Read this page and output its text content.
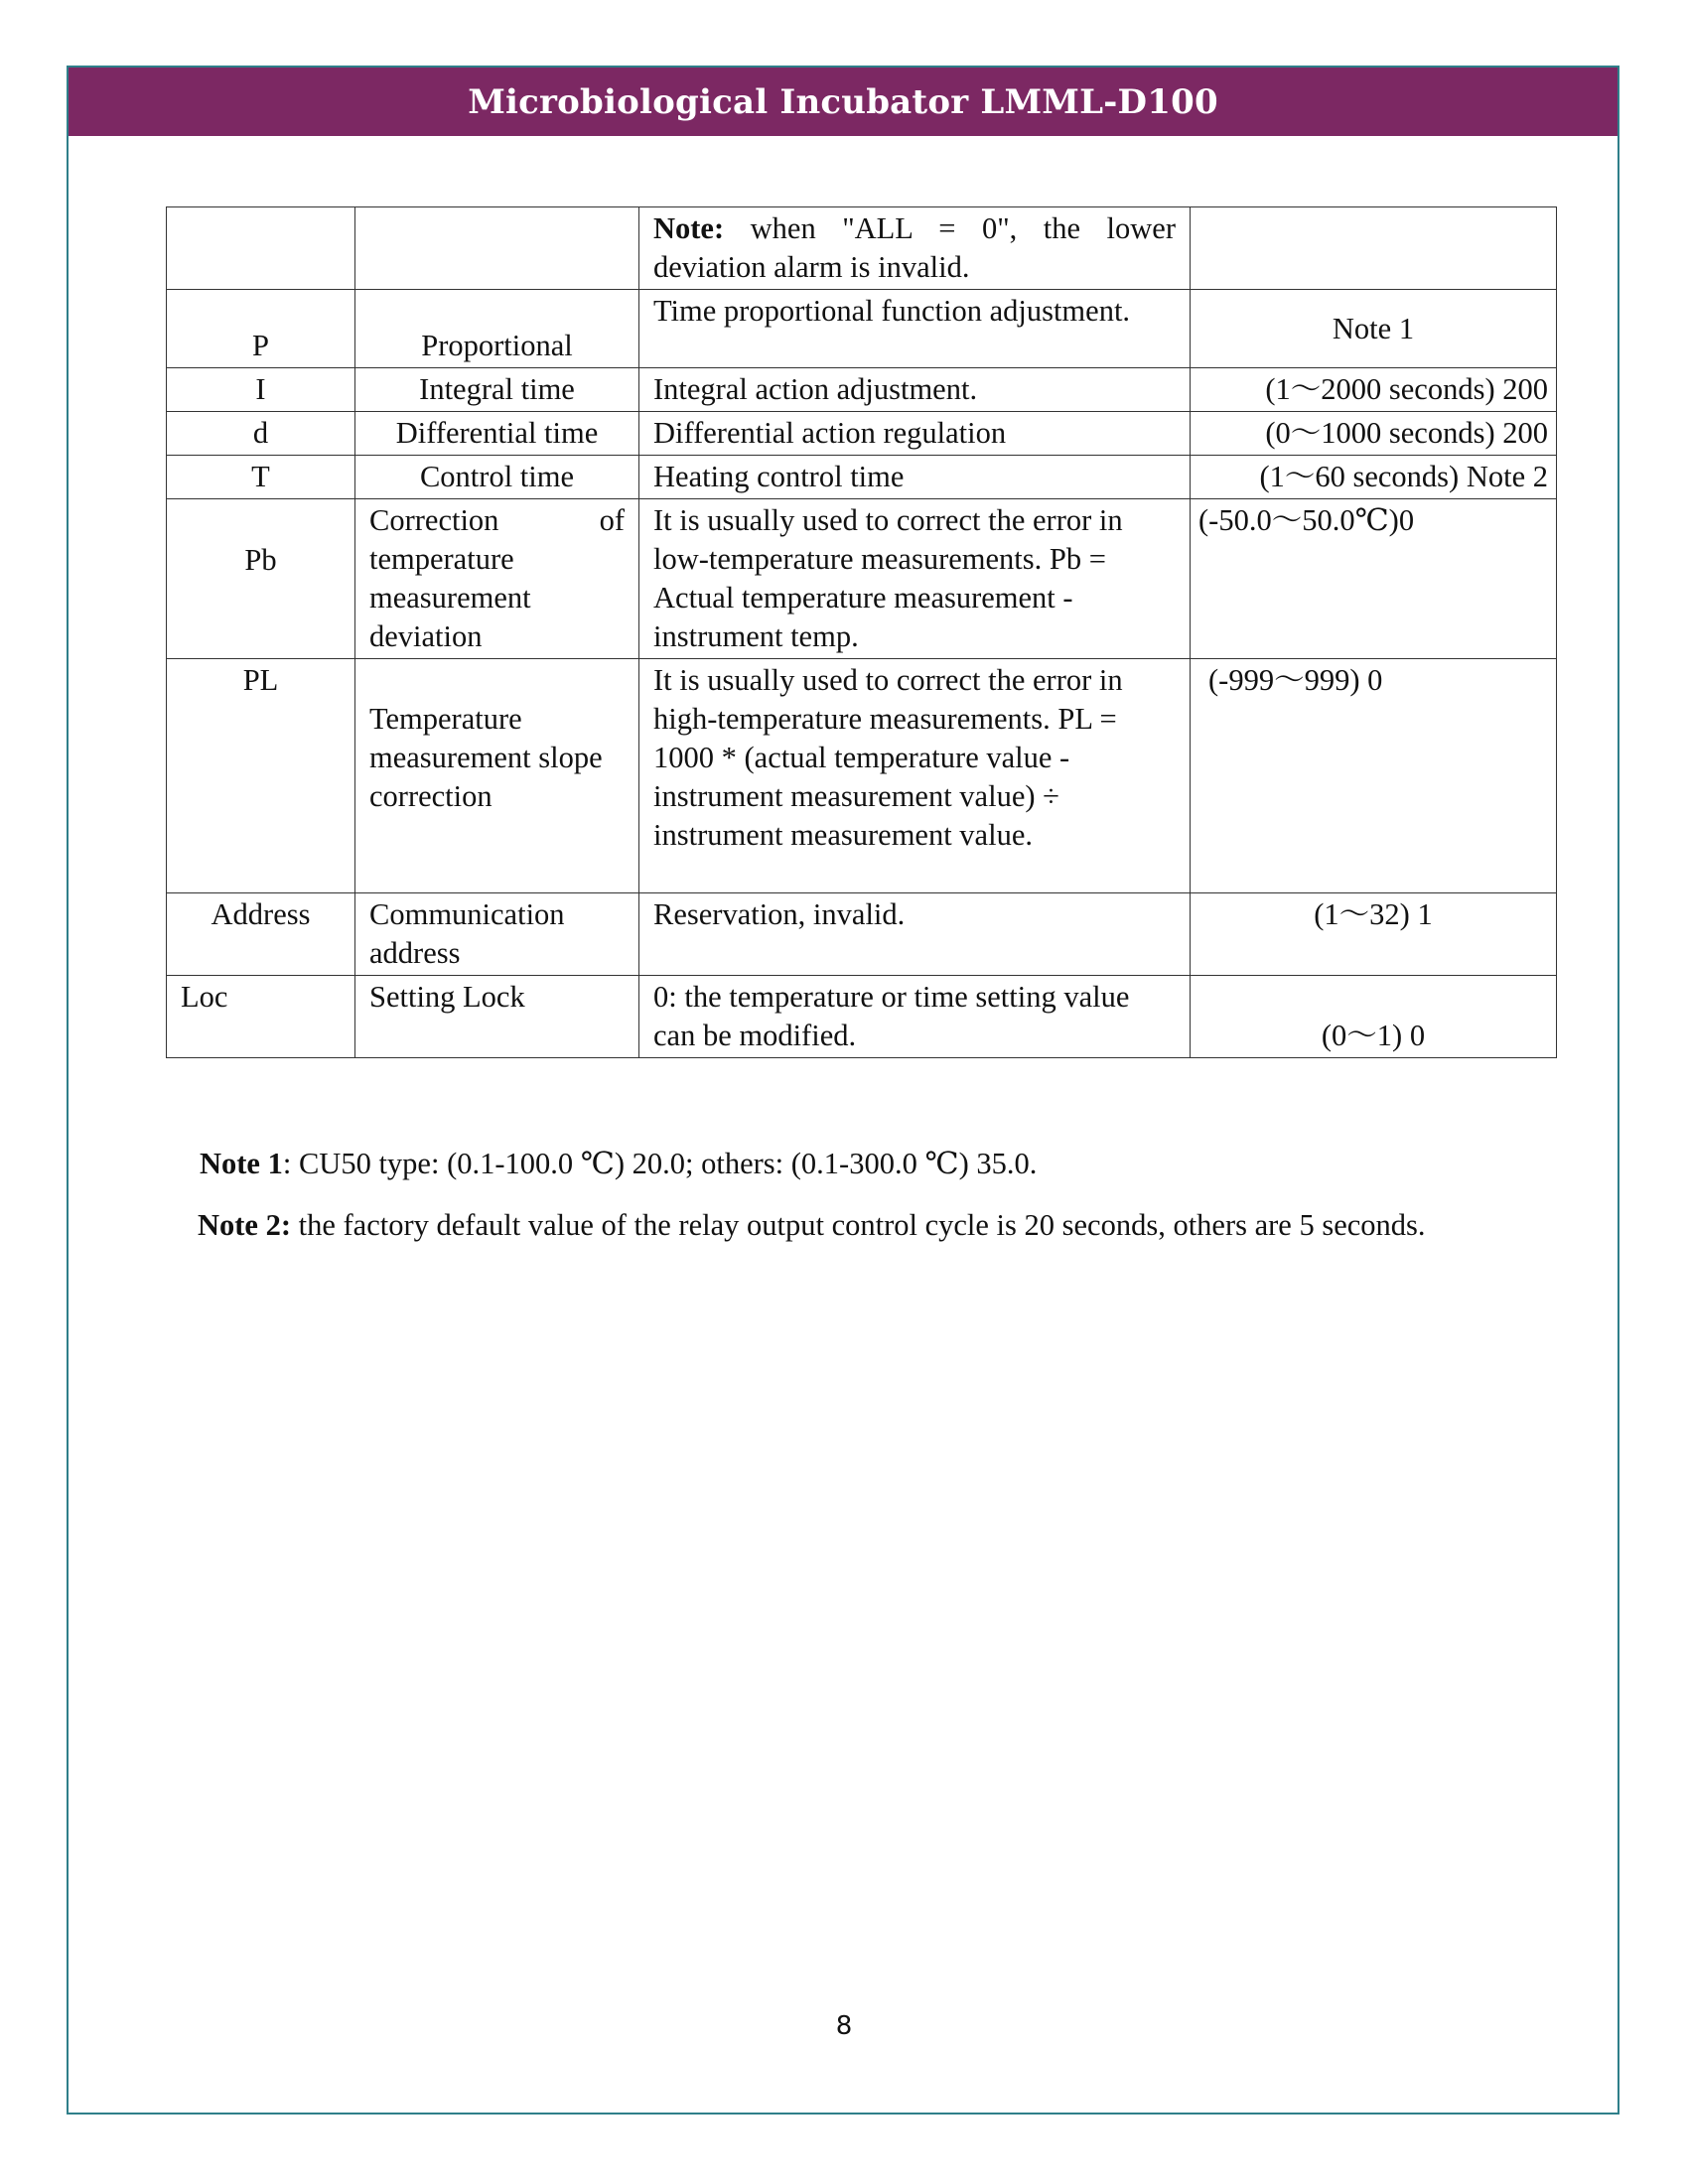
Microbiological Incubator LMML-D100
		Note: when "ALL = 0", the lower deviation alarm is invalid.	
P	Proportional	Time proportional function adjustment.	Note 1
I	Integral time	Integral action adjustment.	(1～2000 seconds) 200
d	Differential time	Differential action regulation	(0～1000 seconds) 200
T	Control time	Heating control time	(1～60 seconds) Note 2
Pb	Correction of temperature measurement deviation	It is usually used to correct the error in low-temperature measurements. Pb = Actual temperature measurement - instrument temp.	(-50.0～50.0℃)0
PL	Temperature measurement slope correction	It is usually used to correct the error in high-temperature measurements. PL = 1000 * (actual temperature value - instrument measurement value) ÷ instrument measurement value.	(-999～999) 0
Address	Communication address	Reservation, invalid.	(1～32) 1
Loc	Setting Lock	0: the temperature or time setting value can be modified.	(0～1) 0

Note 1: CU50 type: (0.1-100.0 ℃) 20.0; others: (0.1-300.0 ℃) 35.0.

Note 2: the factory default value of the relay output control cycle is 20 seconds, others are 5 seconds.

8
